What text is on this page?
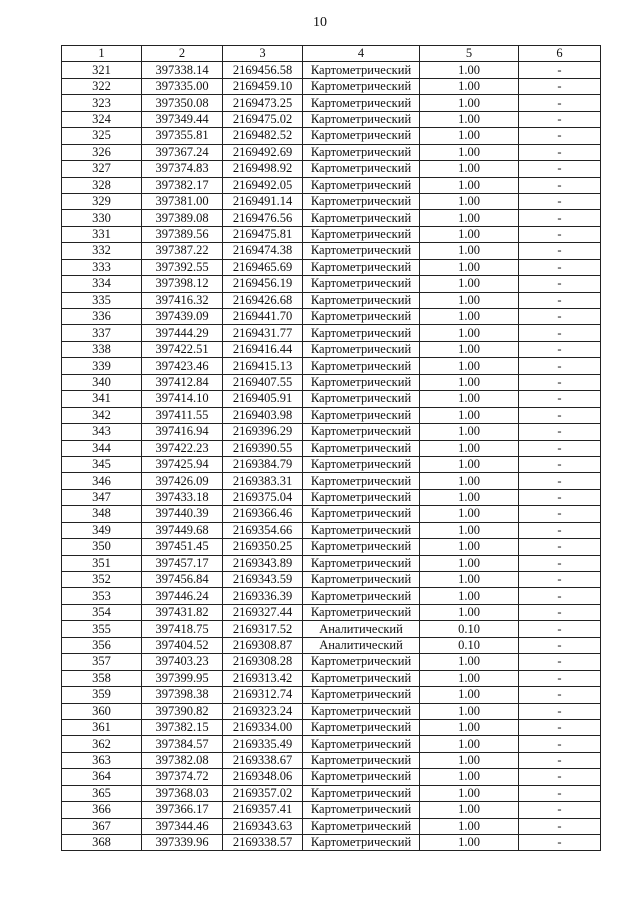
10
1	2	3	4	5	6
321	397338.14	2169456.58	Картометрический	1.00	-
322	397335.00	2169459.10	Картометрический	1.00	-
323	397350.08	2169473.25	Картометрический	1.00	-
324	397349.44	2169475.02	Картометрический	1.00	-
325	397355.81	2169482.52	Картометрический	1.00	-
326	397367.24	2169492.69	Картометрический	1.00	-
327	397374.83	2169498.92	Картометрический	1.00	-
328	397382.17	2169492.05	Картометрический	1.00	-
329	397381.00	2169491.14	Картометрический	1.00	-
330	397389.08	2169476.56	Картометрический	1.00	-
331	397389.56	2169475.81	Картометрический	1.00	-
332	397387.22	2169474.38	Картометрический	1.00	-
333	397392.55	2169465.69	Картометрический	1.00	-
334	397398.12	2169456.19	Картометрический	1.00	-
335	397416.32	2169426.68	Картометрический	1.00	-
336	397439.09	2169441.70	Картометрический	1.00	-
337	397444.29	2169431.77	Картометрический	1.00	-
338	397422.51	2169416.44	Картометрический	1.00	-
339	397423.46	2169415.13	Картометрический	1.00	-
340	397412.84	2169407.55	Картометрический	1.00	-
341	397414.10	2169405.91	Картометрический	1.00	-
342	397411.55	2169403.98	Картометрический	1.00	-
343	397416.94	2169396.29	Картометрический	1.00	-
344	397422.23	2169390.55	Картометрический	1.00	-
345	397425.94	2169384.79	Картометрический	1.00	-
346	397426.09	2169383.31	Картометрический	1.00	-
347	397433.18	2169375.04	Картометрический	1.00	-
348	397440.39	2169366.46	Картометрический	1.00	-
349	397449.68	2169354.66	Картометрический	1.00	-
350	397451.45	2169350.25	Картометрический	1.00	-
351	397457.17	2169343.89	Картометрический	1.00	-
352	397456.84	2169343.59	Картометрический	1.00	-
353	397446.24	2169336.39	Картометрический	1.00	-
354	397431.82	2169327.44	Картометрический	1.00	-
355	397418.75	2169317.52	Аналитический	0.10	-
356	397404.52	2169308.87	Аналитический	0.10	-
357	397403.23	2169308.28	Картометрический	1.00	-
358	397399.95	2169313.42	Картометрический	1.00	-
359	397398.38	2169312.74	Картометрический	1.00	-
360	397390.82	2169323.24	Картометрический	1.00	-
361	397382.15	2169334.00	Картометрический	1.00	-
362	397384.57	2169335.49	Картометрический	1.00	-
363	397382.08	2169338.67	Картометрический	1.00	-
364	397374.72	2169348.06	Картометрический	1.00	-
365	397368.03	2169357.02	Картометрический	1.00	-
366	397366.17	2169357.41	Картометрический	1.00	-
367	397344.46	2169343.63	Картометрический	1.00	-
368	397339.96	2169338.57	Картометрический	1.00	-
